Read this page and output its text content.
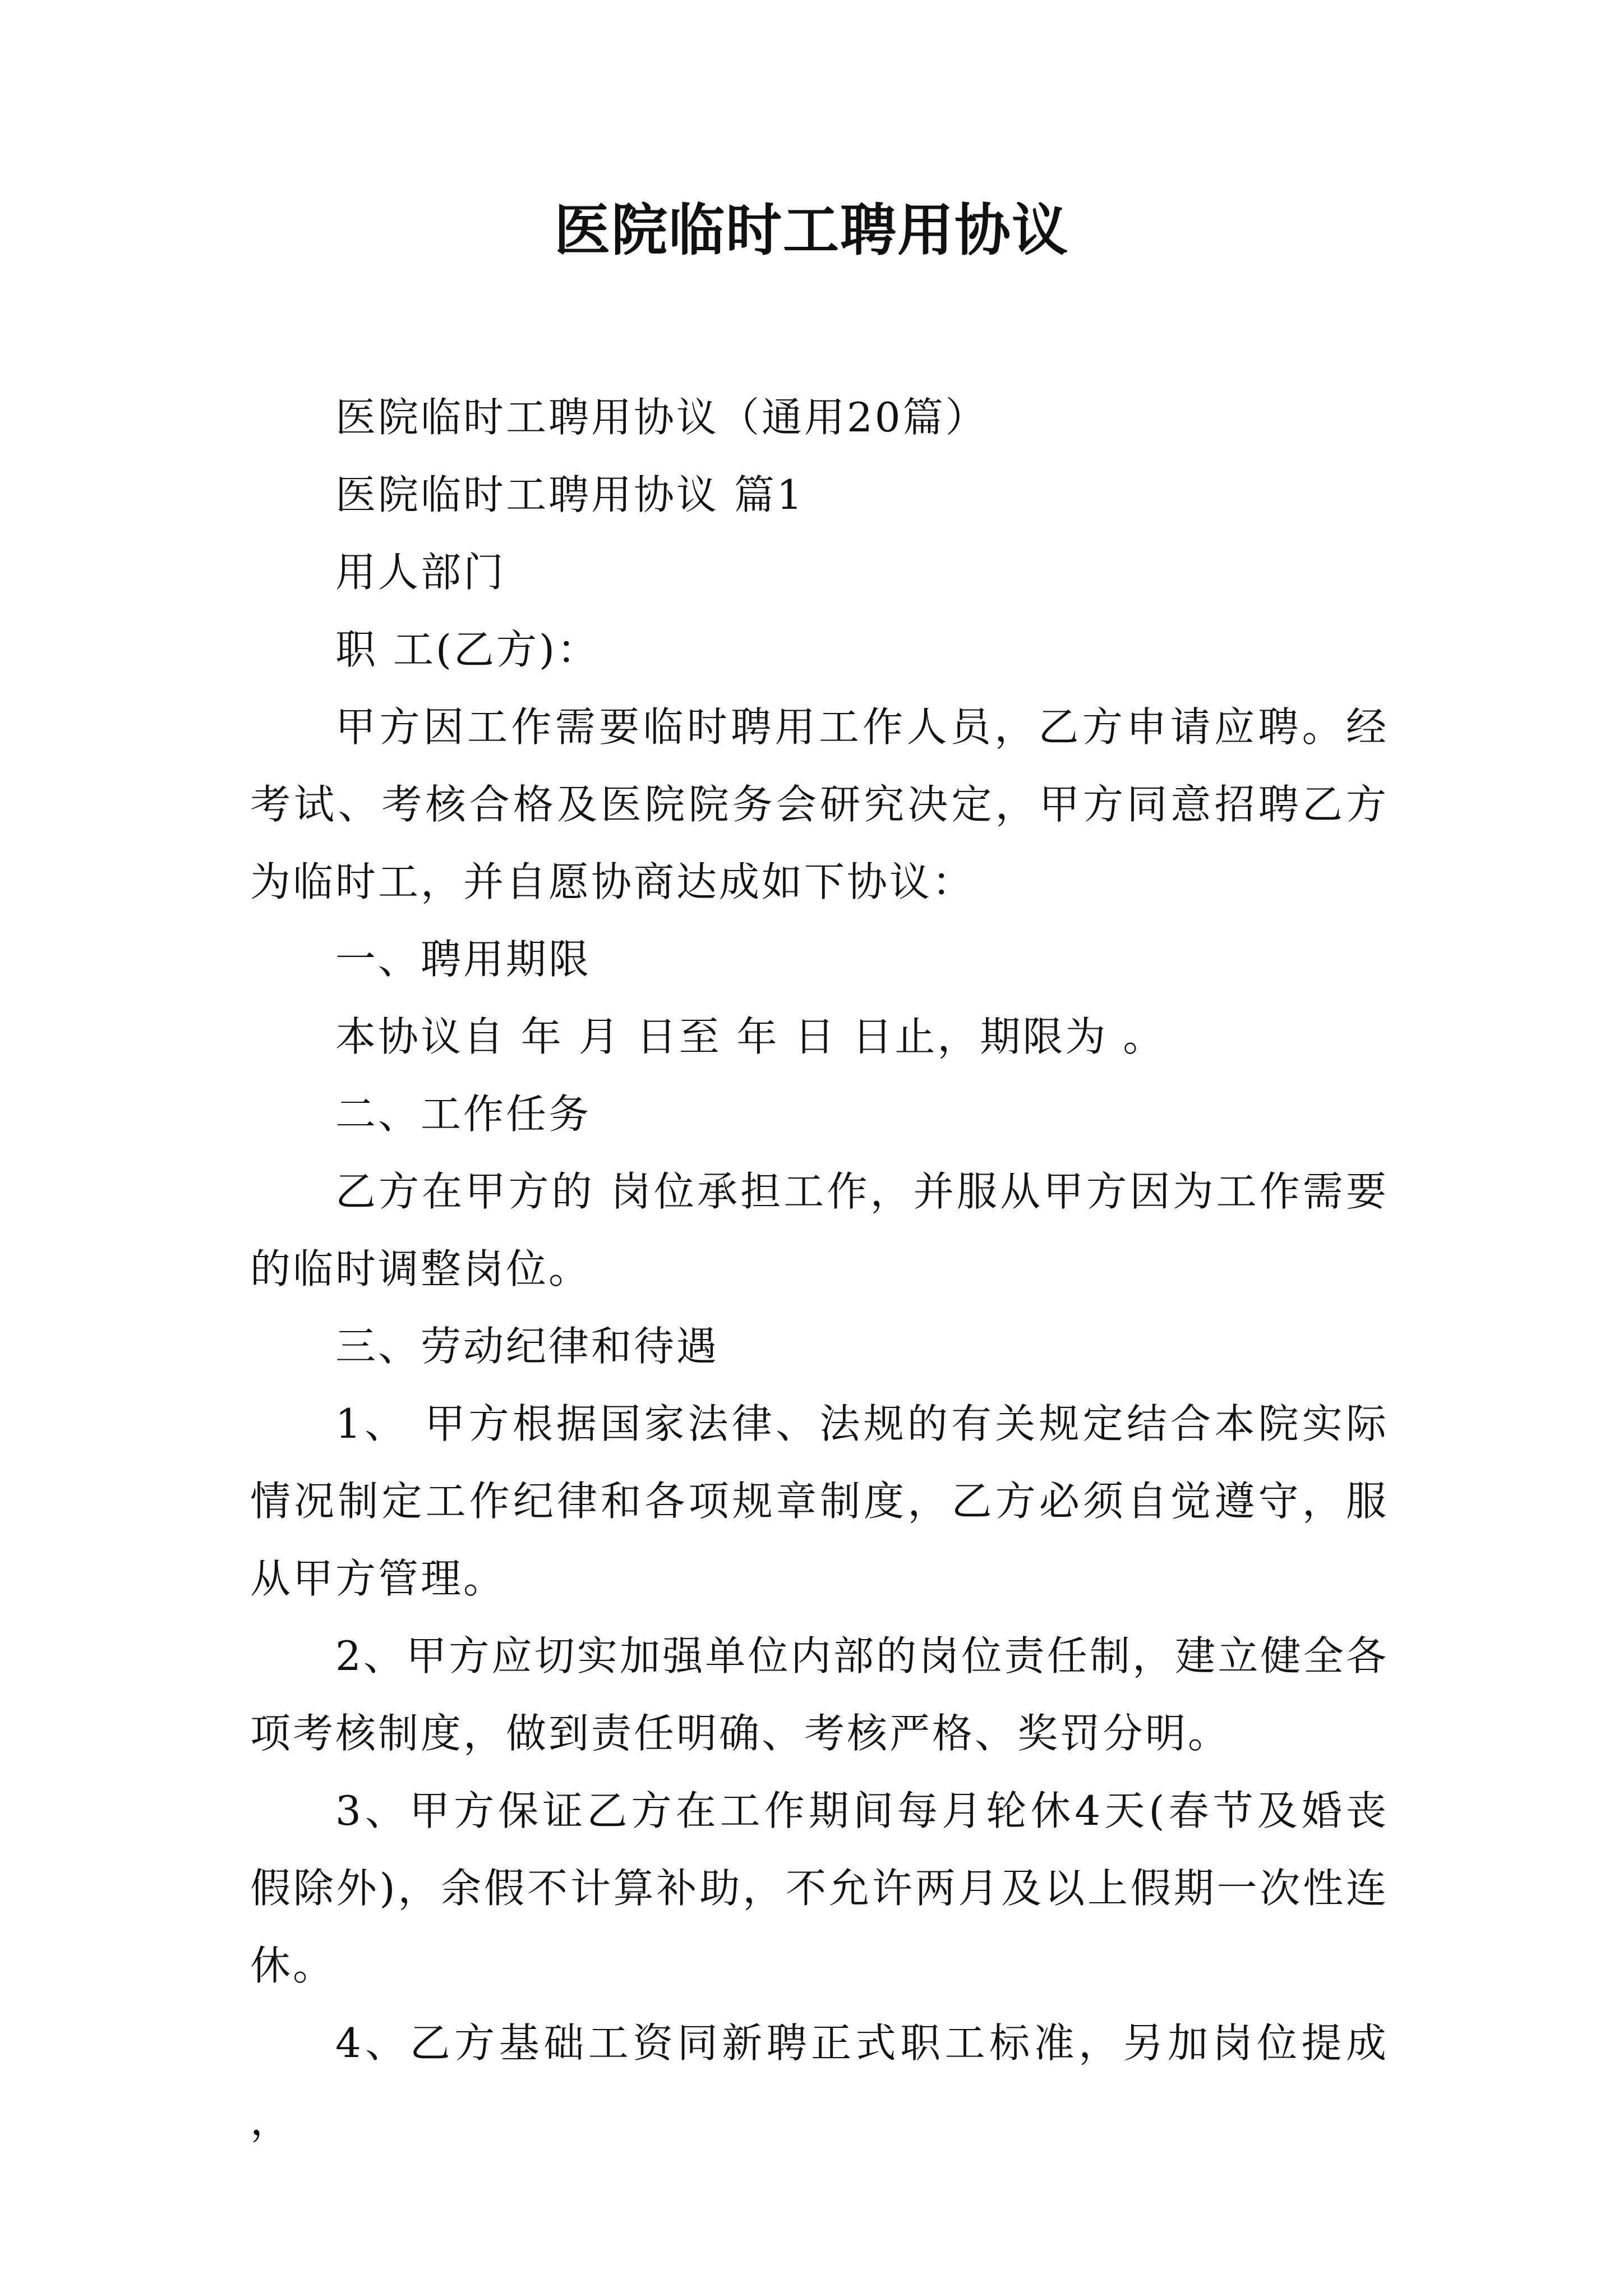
医院临时工聘用协议

医院临时工聘用协议（通用20篇）

医院临时工聘用协议 篇1

用人部门

职 工(乙方)：

甲方因工作需要临时聘用工作人员，乙方申请应聘。经考试、考核合格及医院院务会研究决定，甲方同意招聘乙方为临时工，并自愿协商达成如下协议：

一、聘用期限

本协议自 年 月 日至 年 日 日止，期限为 。

二、工作任务

乙方在甲方的 岗位承担工作，并服从甲方因为工作需要的临时调整岗位。

三、劳动纪律和待遇

1、 甲方根据国家法律、法规的有关规定结合本院实际情况制定工作纪律和各项规章制度，乙方必须自觉遵守，服从甲方管理。

2、甲方应切实加强单位内部的岗位责任制，建立健全各项考核制度，做到责任明确、考核严格、奖罚分明。

3、甲方保证乙方在工作期间每月轮休4天(春节及婚丧假除外)，余假不计算补助，不允许两月及以上假期一次性连休。

4、乙方基础工资同新聘正式职工标准，另加岗位提成 ，
